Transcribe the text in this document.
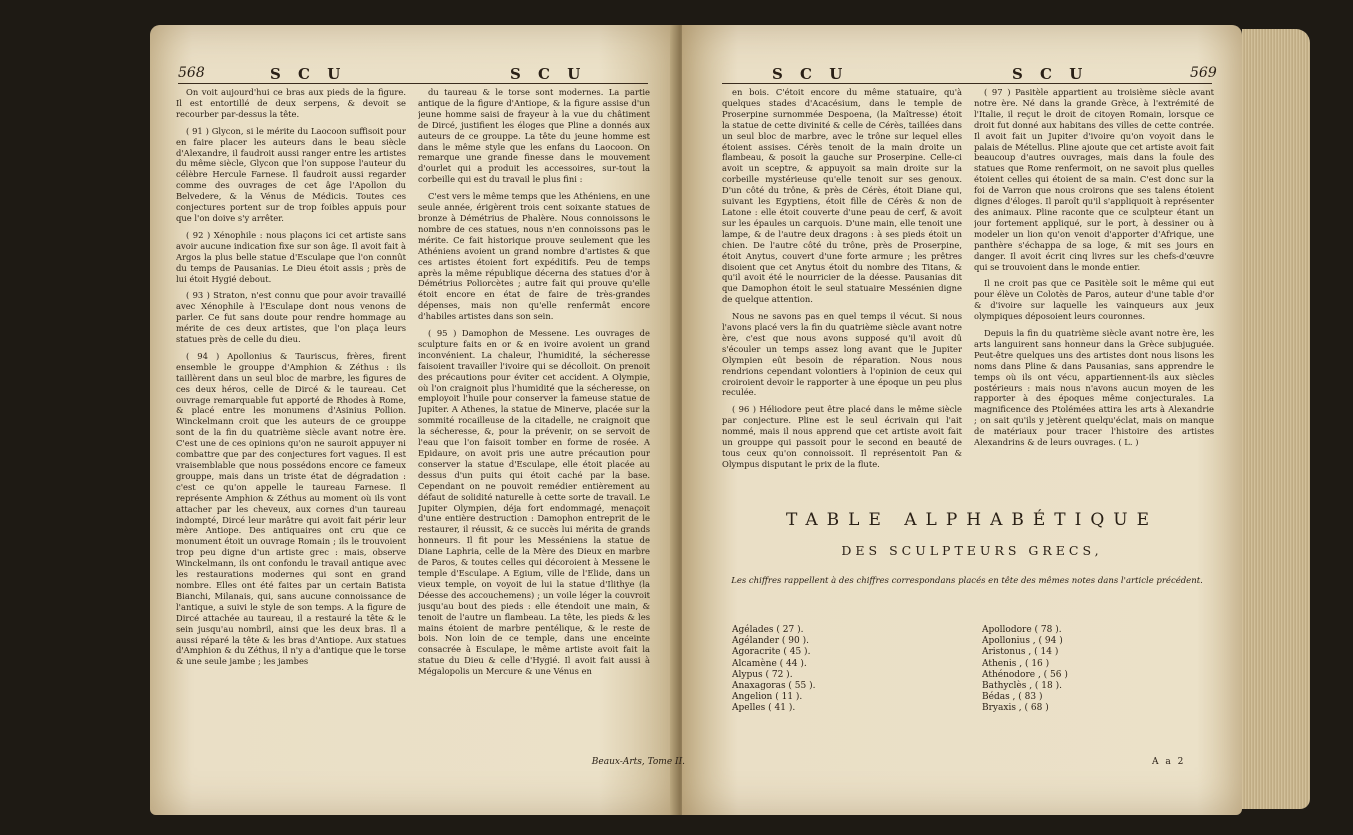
568	S C U	S C U

On voit aujourd'hui ce bras aux pieds de la figure. Il est entortillé de deux serpens, & devoit se recourber par-dessus la tête.

( 91 ) Glycon, si le mérite du Laocoon suffisoit pour en faire placer les auteurs dans le beau siècle d'Alexandre, il faudroit aussi ranger entre les artistes du même siècle, Glycon que l'on suppose l'auteur du célèbre Hercule Farnese. Il faudroit aussi regarder comme des ouvrages de cet âge l'Apollon du Belvedere, & la Vénus de Médicis. Toutes ces conjectures portent sur de trop foibles appuis pour que l'on doive s'y arrêter.

( 92 ) Xénophile : nous plaçons ici cet artiste sans avoir aucune indication fixe sur son âge. Il avoit fait à Argos la plus belle statue d'Esculape que l'on connût du temps de Pausanias. Le Dieu étoit assis ; près de lui étoit Hygié debout.

( 93 ) Straton, n'est connu que pour avoir travaillé avec Xénophile à l'Esculape dont nous venons de parler. Ce fut sans doute pour rendre hommage au mérite de ces deux artistes, que l'on plaça leurs statues près de celle du dieu.

( 94 ) Apollonius & Tauriscus, frères, firent ensemble le grouppe d'Amphion & Zéthus : ils taillèrent dans un seul bloc de marbre, les figures de ces deux héros, celle de Dircé & le taureau. Cet ouvrage remarquable fut apporté de Rhodes à Rome, & placé entre les monumens d'Asinius Pollion. Winckelmann croit que les auteurs de ce grouppe sont de la fin du quatrième siècle avant notre ère. C'est une de ces opinions qu'on ne sauroit appuyer ni combattre que par des conjectures fort vagues. Il est vraisemblable que nous possédons encore ce fameux grouppe, mais dans un triste état de dégradation : c'est ce qu'on appelle le taureau Farnese. Il représente Amphion & Zéthus au moment où ils vont attacher par les cheveux, aux cornes d'un taureau indompté, Dircé leur marâtre qui avoit fait périr leur mère Antiope. Des antiquaires ont cru que ce monument étoit un ouvrage Romain ; ils le trouvoient trop peu digne d'un artiste grec : mais, observe Winckelmann, ils ont confondu le travail antique avec les restaurations modernes qui sont en grand nombre. Elles ont été faites par un certain Batista Bianchi, Milanais, qui, sans aucune connoissance de l'antique, a suivi le style de son temps. A la figure de Dircé attachée au taureau, il a restauré la tête & le sein jusqu'au nombril, ainsi que les deux bras. Il a aussi réparé la tête & les bras d'Antiope. Aux statues d'Amphion & du Zéthus, il n'y a d'antique que le torse & une seule jambe ; les jambes

du taureau & le torse sont modernes. La partie antique de la figure d'Antiope, & la figure assise d'un jeune homme saisi de frayeur à la vue du châtiment de Dircé, justifient les éloges que Pline a donnés aux auteurs de ce grouppe. La tête du jeune homme est dans le même style que les enfans du Laocoon. On remarque une grande finesse dans le mouvement d'ourlet qui a produit les accessoires, sur-tout la corbeille qui est du travail le plus fini :

C'est vers le même temps que les Athéniens, en une seule année, érigèrent trois cent soixante statues de bronze à Démétrius de Phalère. Nous connoissons le nombre de ces statues, nous n'en connoissons pas le mérite. Ce fait historique prouve seulement que les Athéniens avoient un grand nombre d'artistes & que ces artistes étoient fort expéditifs. Peu de temps après la même république décerna des statues d'or à Démétrius Poliorcètes ; autre fait qui prouve qu'elle étoit encore en état de faire de très-grandes dépenses, mais non qu'elle renfermât encore d'habiles artistes dans son sein.

( 95 ) Damophon de Messene. Les ouvrages de sculpture faits en or & en ivoire avoient un grand inconvénient. La chaleur, l'humidité, la sécheresse faisoient travailler l'ivoire qui se décolloit. On prenoit des précautions pour éviter cet accident. A Olympie, où l'on craignoit plus l'humidité que la sécheresse, on employoit l'huile pour conserver la fameuse statue de Jupiter. A Athenes, la statue de Minerve, placée sur la sommité rocailleuse de la citadelle, ne craignoit que la sécheresse, &, pour la prévenir, on se servoit de l'eau que l'on faisoit tomber en forme de rosée. A Epidaure, on avoit pris une autre précaution pour conserver la statue d'Esculape, elle étoit placée au dessus d'un puits qui étoit caché par la base. Cependant on ne pouvoit remédier entièrement au défaut de solidité naturelle à cette sorte de travail. Le Jupiter Olympien, déja fort endommagé, menaçoit d'une entière destruction : Damophon entreprit de le restaurer, il réussit, & ce succès lui mérita de grands honneurs. Il fit pour les Messéniens la statue de Diane Laphria, celle de la Mère des Dieux en marbre de Paros, & toutes celles qui décoroient à Messene le temple d'Esculape. A Egium, ville de l'Elide, dans un vieux temple, on voyoit de lui la statue d'Ilithye (la Déesse des accouchemens) ; un voile léger la couvroit jusqu'au bout des pieds : elle étendoit une main, & tenoit de l'autre un flambeau. La tête, les pieds & les mains étoient de marbre pentélique, & le reste de bois. Non loin de ce temple, dans une enceinte consacrée à Esculape, le même artiste avoit fait la statue du Dieu & celle d'Hygié. Il avoit fait aussi à Mégalopolis un Mercure & une Vénus en

S C U	S C U	569

en bois. C'étoit encore du même statuaire, qu'à quelques stades d'Acacésium, dans le temple de Proserpine surnommée Despoena, (la Maîtresse) étoit la statue de cette divinité & celle de Cérès, taillées dans un seul bloc de marbre, avec le trône sur lequel elles étoient assises. Cérès tenoit de la main droite un flambeau, & posoit la gauche sur Proserpine. Celle-ci avoit un sceptre, & appuyoit sa main droite sur la corbeille mystérieuse qu'elle tenoit sur ses genoux. D'un côté du trône, & près de Cérès, étoit Diane qui, suivant les Egyptiens, étoit fille de Cérès & non de Latone : elle étoit couverte d'une peau de cerf, & avoit sur les épaules un carquois. D'une main, elle tenoit une lampe, & de l'autre deux dragons : à ses pieds étoit un chien. De l'autre côté du trône, près de Proserpine, étoit Anytus, couvert d'une forte armure ; les prêtres disoient que cet Anytus étoit du nombre des Titans, & qu'il avoit été le nourricier de la déesse. Pausanias dit que Damophon étoit le seul statuaire Messénien digne de quelque attention.

Nous ne savons pas en quel temps il vécut. Si nous l'avons placé vers la fin du quatrième siècle avant notre ère, c'est que nous avons supposé qu'il avoit dû s'écouler un temps assez long avant que le Jupiter Olympien eût besoin de réparation. Nous nous rendrions cependant volontiers à l'opinion de ceux qui croiroient devoir le rapporter à une époque un peu plus reculée.

( 96 ) Héliodore peut être placé dans le même siècle par conjecture. Pline est le seul écrivain qui l'ait nommé, mais il nous apprend que cet artiste avoit fait un grouppe qui passoit pour le second en beauté de tous ceux qu'on connoissoit. Il représentoit Pan & Olympus disputant le prix de la flute.

( 97 ) Pasitèle appartient au troisième siècle avant notre ère. Né dans la grande Grèce, à l'extrémité de l'Italie, il reçut le droit de citoyen Romain, lorsque ce droit fut donné aux habitans des villes de cette contrée. Il avoit fait un Jupiter d'ivoire qu'on voyoit dans le palais de Métellus. Pline ajoute que cet artiste avoit fait beaucoup d'autres ouvrages, mais dans la foule des statues que Rome renfermoit, on ne savoit plus quelles étoient celles qui étoient de sa main. C'est donc sur la foi de Varron que nous croirons que ses talens étoient dignes d'éloges. Il paroît qu'il s'appliquoit à représenter des animaux. Pline raconte que ce sculpteur étant un jour fortement appliqué, sur le port, à dessiner ou à modeler un lion qu'on venoit d'apporter d'Afrique, une panthère s'échappa de sa loge, & mit ses jours en danger. Il avoit écrit cinq livres sur les chefs-d'œuvre qui se trouvoient dans le monde entier.

Il ne croit pas que ce Pasitèle soit le même qui eut pour élève un Colotès de Paros, auteur d'une table d'or & d'ivoire sur laquelle les vainqueurs aux jeux olympiques déposoient leurs couronnes.

Depuis la fin du quatrième siècle avant notre ère, les arts languirent sans honneur dans la Grèce subjuguée. Peut-être quelques uns des artistes dont nous lisons les noms dans Pline & dans Pausanias, sans apprendre le temps où ils ont vécu, appartiennent-ils aux siècles postérieurs : mais nous n'avons aucun moyen de les rapporter à des époques même conjecturales. La magnificence des Ptolémées attira les arts à Alexandrie ; on sait qu'ils y jetèrent quelqu'éclat, mais on manque de matériaux pour tracer l'histoire des artistes Alexandrins & de leurs ouvrages. ( L. )

TABLE ALPHABÉTIQUE
DES SCULPTEURS GRECS,
Les chiffres rappellent à des chiffres correspondans placés en tête des mêmes notes dans l'article précédent.
Agélades ( 27 ).
Agélander ( 90 ).
Agoracrite ( 45 ).
Alcamène ( 44 ).
Alypus ( 72 ).
Anaxagoras ( 55 ).
Angelion ( 11 ).
Apelles ( 41 ).
Apollodore ( 78 ).
Apollonius , ( 94 )
Aristonus , ( 14 )
Athenis , ( 16 )
Athénodore , ( 56 )
Bathyclès , ( 18 ).
Bédas , ( 83 )
Bryaxis , ( 68 )
A a 2
Beaux-Arts, Tome II.
